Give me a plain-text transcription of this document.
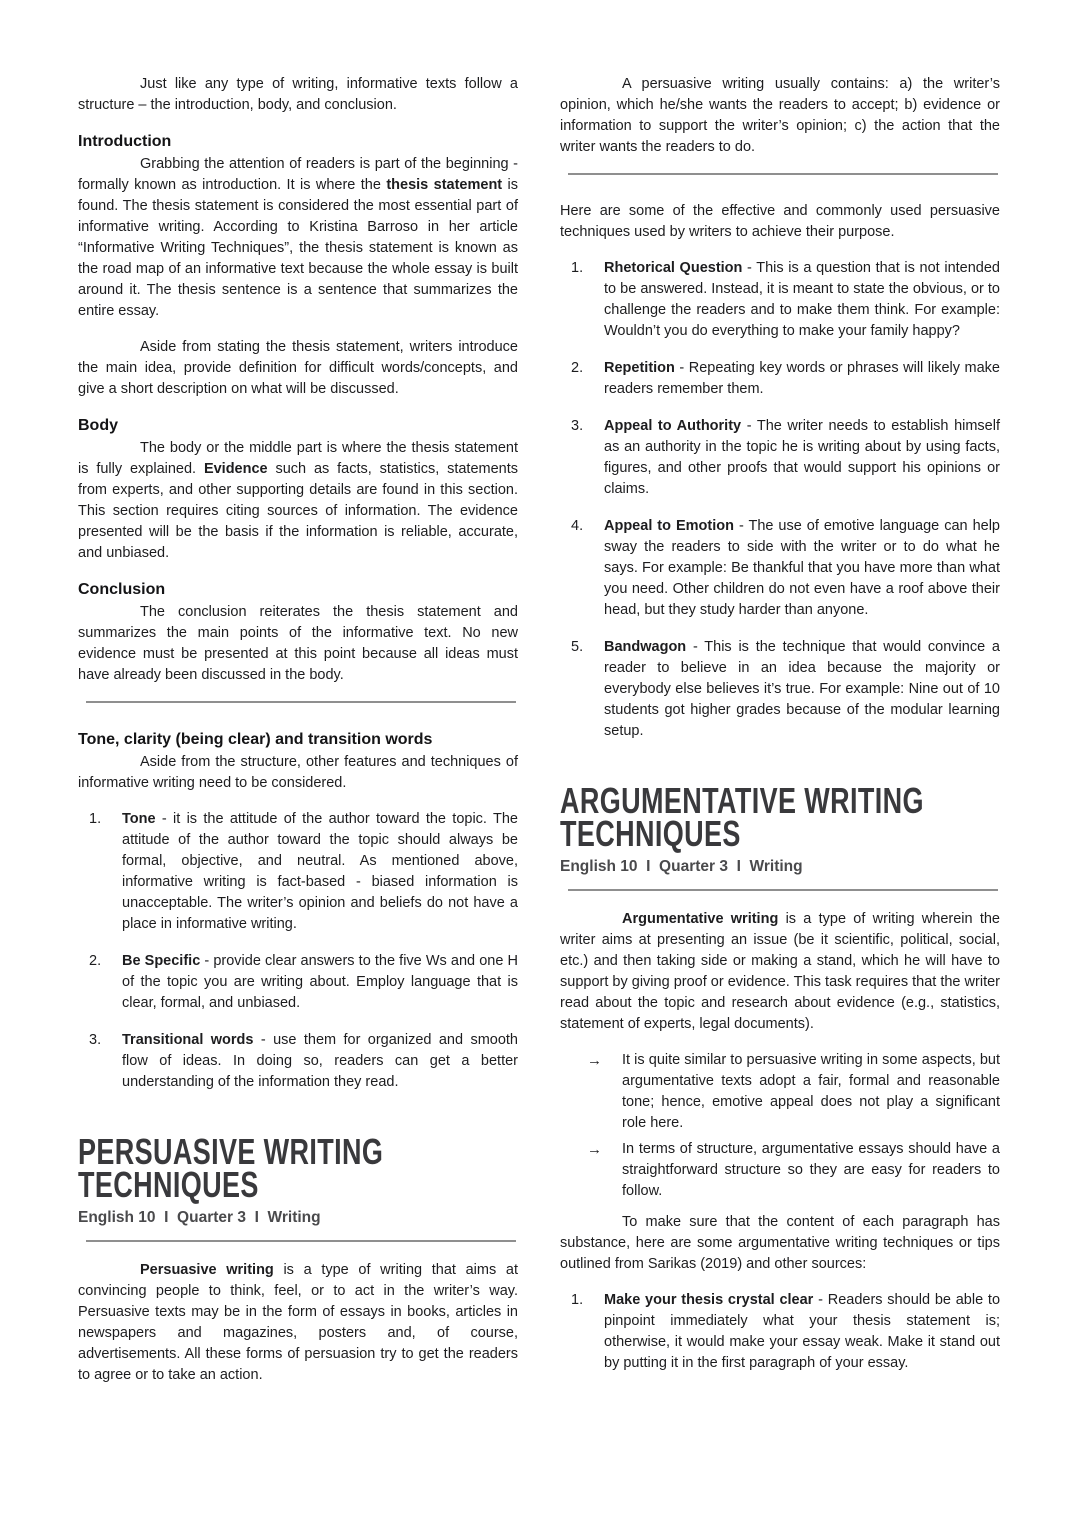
Just like any type of writing, informative texts follow a structure – the introduction, body, and conclusion.

Introduction

Grabbing the attention of readers is part of the beginning - formally known as introduction. It is where the thesis statement is found. The thesis statement is considered the most essential part of informative writing. According to Kristina Barroso in her article “Informative Writing Techniques”, the thesis statement is known as the road map of an informative text because the whole essay is built around it. The thesis sentence is a sentence that summarizes the entire essay.

Aside from stating the thesis statement, writers introduce the main idea, provide definition for difficult words/concepts, and give a short description on what will be discussed.

Body

The body or the middle part is where the thesis statement is fully explained. Evidence such as facts, statistics, statements from experts, and other supporting details are found in this section. This section requires citing sources of information. The evidence presented will be the basis if the information is reliable, accurate, and unbiased.

Conclusion

The conclusion reiterates the thesis statement and summarizes the main points of the informative text. No new evidence must be presented at this point because all ideas must have already been discussed in the body.

Tone, clarity (being clear) and transition words

Aside from the structure, other features and techniques of informative writing need to be considered.

1. Tone - it is the attitude of the author toward the topic. The attitude of the author toward the topic should always be formal, objective, and neutral. As mentioned above, informative writing is fact-based - biased information is unacceptable. The writer’s opinion and beliefs do not have a place in informative writing.
2. Be Specific - provide clear answers to the five Ws and one H of the topic you are writing about. Employ language that is clear, formal, and unbiased.
3. Transitional words - use them for organized and smooth flow of ideas. In doing so, readers can get a better understanding of the information they read.
PERSUASIVE WRITING
TECHNIQUES
English 10  I  Quarter 3  I  Writing

Persuasive writing is a type of writing that aims at convincing people to think, feel, or to act in the writer’s way. Persuasive texts may be in the form of essays in books, articles in newspapers and magazines, posters and, of course, advertisements. All these forms of persuasion try to get the readers to agree or to take an action.

A persuasive writing usually contains: a) the writer’s opinion, which he/she wants the readers to accept; b) evidence or information to support the writer’s opinion; c) the action that the writer wants the readers to do.

Here are some of the effective and commonly used persuasive techniques used by writers to achieve their purpose.

1. Rhetorical Question - This is a question that is not intended to be answered. Instead, it is meant to state the obvious, or to challenge the readers and to make them think. For example: Wouldn’t you do everything to make your family happy?
2. Repetition - Repeating key words or phrases will likely make readers remember them.
3. Appeal to Authority - The writer needs to establish himself as an authority in the topic he is writing about by using facts, figures, and other proofs that would support his opinions or claims.
4. Appeal to Emotion - The use of emotive language can help sway the readers to side with the writer or to do what he says. For example: Be thankful that you have more than what you need. Other children do not even have a roof above their head, but they study harder than anyone.
5. Bandwagon - This is the technique that would convince a reader to believe in an idea because the majority or everybody else believes it’s true. For example: Nine out of 10 students got higher grades because of the modular learning setup.
ARGUMENTATIVE WRITING
TECHNIQUES
English 10  I  Quarter 3  I  Writing

Argumentative writing is a type of writing wherein the writer aims at presenting an issue (be it scientific, political, social, etc.) and then taking side or making a stand, which he will have to support by giving proof or evidence. This task requires that the writer read about the topic and research about evidence (e.g., statistics, statement of experts, legal documents).

→ It is quite similar to persuasive writing in some aspects, but argumentative texts adopt a fair, formal and reasonable tone; hence, emotive appeal does not play a significant role here.
→ In terms of structure, argumentative essays should have a straightforward structure so they are easy for readers to follow.

To make sure that the content of each paragraph has substance, here are some argumentative writing techniques or tips outlined from Sarikas (2019) and other sources:

1. Make your thesis crystal clear - Readers should be able to pinpoint immediately what your thesis statement is; otherwise, it would make your essay weak. Make it stand out by putting it in the first paragraph of your essay.
